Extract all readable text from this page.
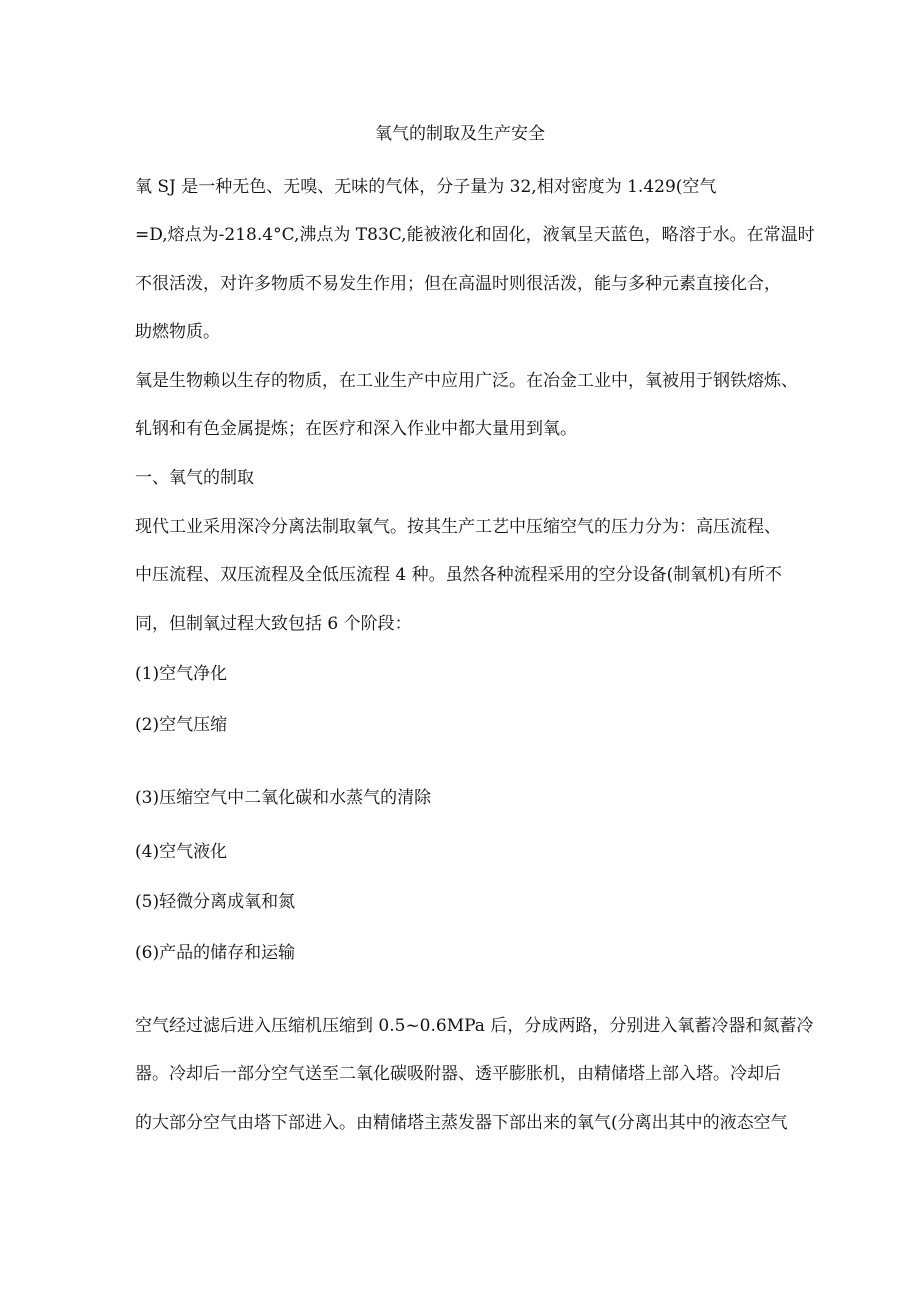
氧气的制取及生产安全
氧 SJ 是一种无色、无嗅、无味的气体，分子量为 32,相对密度为 1.429(空气
=D,熔点为-218.4°C,沸点为 T83C,能被液化和固化，液氧呈天蓝色，略溶于水。在常温时
不很活泼，对许多物质不易发生作用；但在高温时则很活泼，能与多种元素直接化合，
助燃物质。
氧是生物赖以生存的物质，在工业生产中应用广泛。在冶金工业中，氧被用于钢铁熔炼、
轧钢和有色金属提炼；在医疗和深入作业中都大量用到氧。
一、氧气的制取
现代工业采用深冷分离法制取氧气。按其生产工艺中压缩空气的压力分为：高压流程、
中压流程、双压流程及全低压流程 4 种。虽然各种流程采用的空分设备(制氧机)有所不
同，但制氧过程大致包括 6 个阶段：
(1)空气净化
(2)空气压缩
(3)压缩空气中二氧化碳和水蒸气的清除
(4)空气液化
(5)轻微分离成氧和氮
(6)产品的储存和运输
空气经过滤后进入压缩机压缩到 0.5~0.6MPa 后，分成两路，分别进入氧蓄冷器和氮蓄冷
器。冷却后一部分空气送至二氧化碳吸附器、透平膨胀机，由精储塔上部入塔。冷却后
的大部分空气由塔下部进入。由精储塔主蒸发器下部出来的氧气(分离出其中的液态空气
